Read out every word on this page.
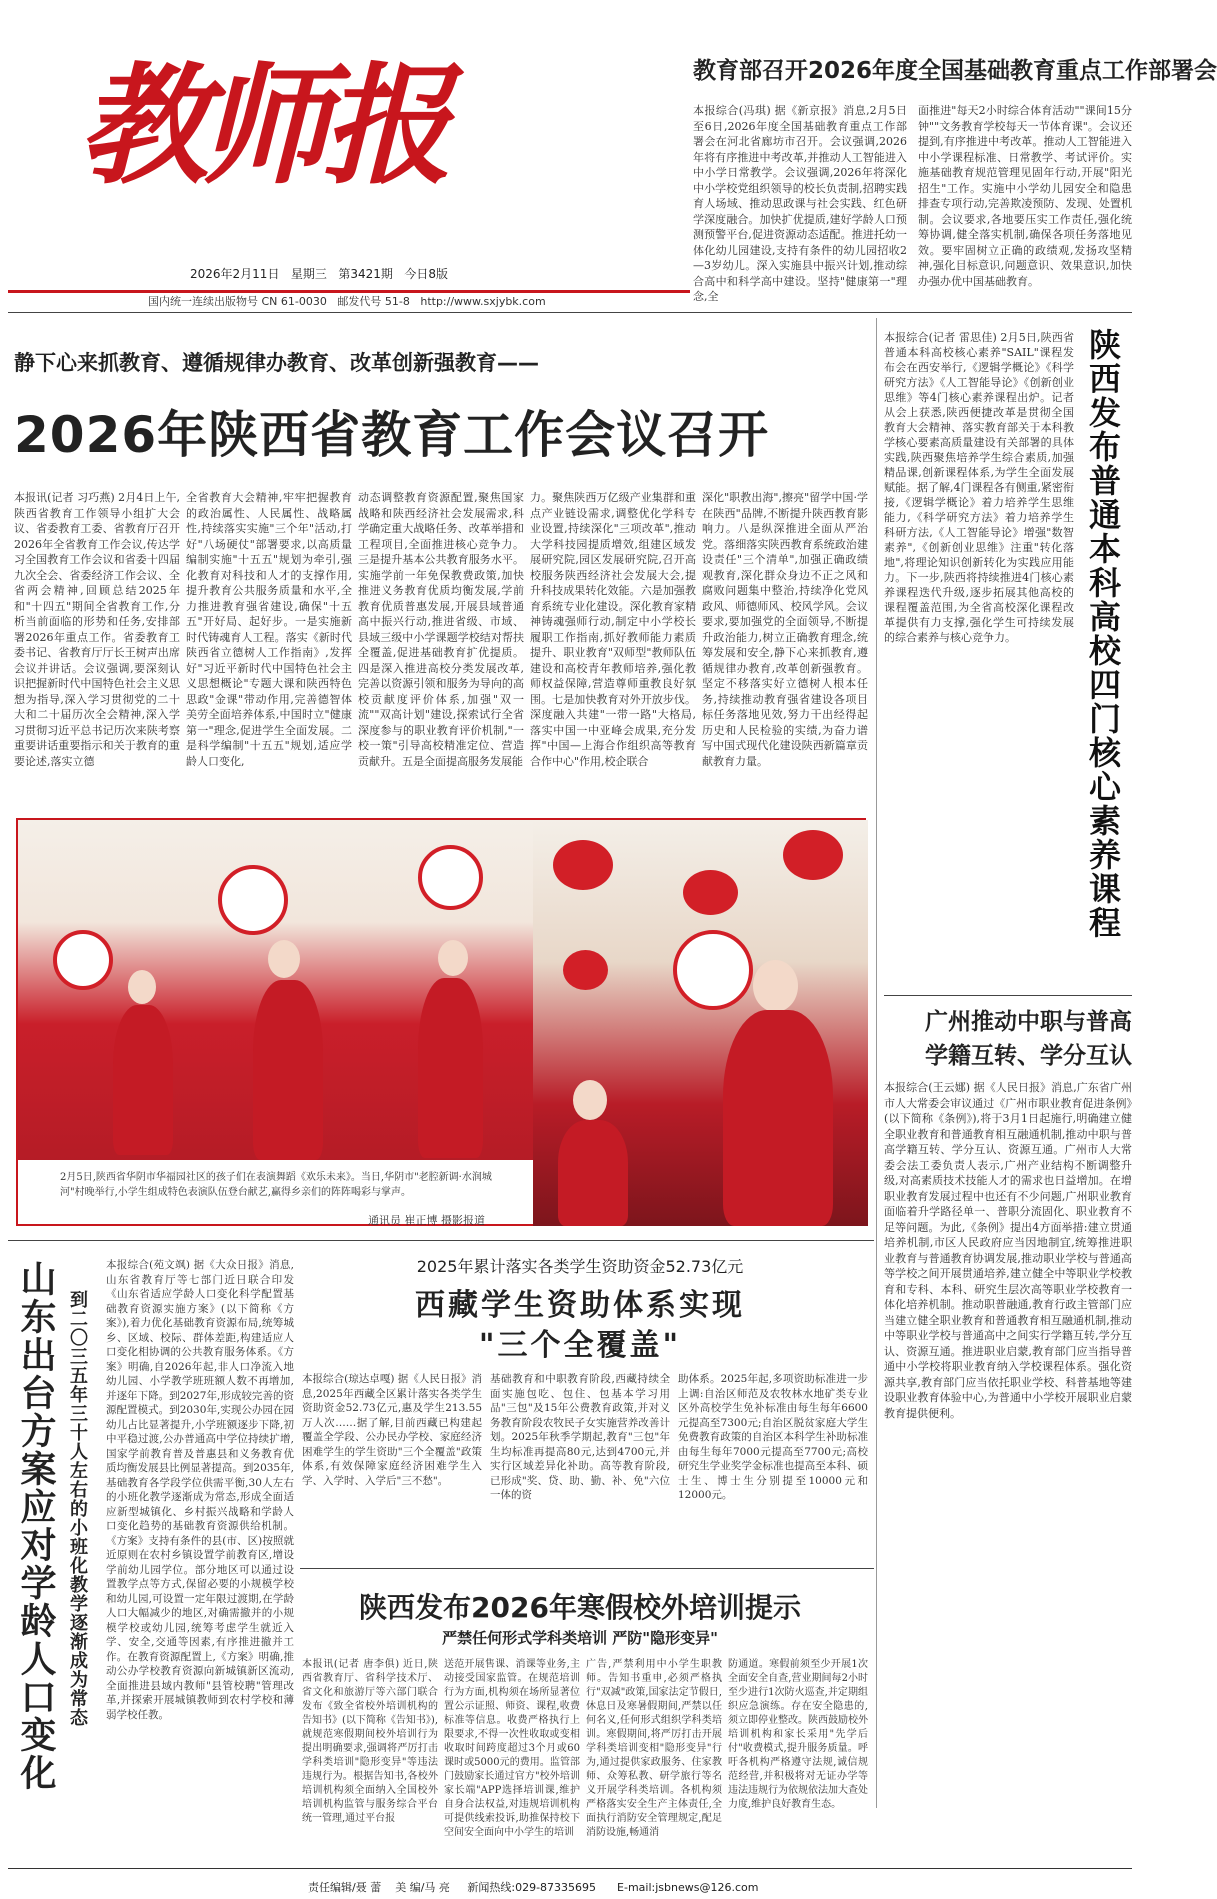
教师报
2026年2月11日 星期三 第3421期 今日8版
国内统一连续出版物号 CN 61-0030 邮发代号 51-8 http://www.sxjybk.com
教育部召开2026年度全国基础教育重点工作部署会
本报综合(冯琪) 据《新京报》消息,2月5日至6日,2026年度全国基础教育重点工作部署会在河北省廊坊市召开。会议强调,2026年将有序推进中考改革,并推动人工智能进入中小学日常教学。会议强调,2026年将深化中小学校党组织领导的校长负责制,招聘实践育人场域、推动思政课与社会实践、红色研学深度融合。加快扩优提质,建好学龄人口预测预警平台,促进资源动态适配。推进托幼一体化幼儿园建设,支持有条件的幼儿园招收2—3岁幼儿。深入实施县中振兴计划,推动综合高中和科学高中建设。坚持"健康第一"理念,全
面推进"每天2小时综合体育活动""课间15分钟""文务教育学校每天一节体育课"。会议还提到,有序推进中考改革。推动人工智能进入中小学课程标准、日常教学、考试评价。实施基础教育规范管理见固年行动,开展"阳光招生"工作。实施中小学幼儿园安全和隐患排查专项行动,完善欺凌预防、发现、处置机制。会议要求,各地要压实工作责任,强化统筹协调,健全落实机制,确保各项任务落地见效。要牢固树立正确的政绩观,发扬攻坚精神,强化目标意识,问题意识、效果意识,加快办强办优中国基础教育。
静下心来抓教育、遵循规律办教育、改革创新强教育——
2026年陕西省教育工作会议召开
本报讯(记者 习巧燕) 2月4日上午,陕西省教育工作领导小组扩大会议、省委教育工委、省教育厅召开2026年全省教育工作会议,传达学习全国教育工作会议和省委十四届九次全会、省委经济工作会议、全省两会精神,回顾总结2025年和"十四五"期间全省教育工作,分析当前面临的形势和任务,安排部署2026年重点工作。省委教育工委书记、省教育厅厅长王树声出席会议并讲话。会议强调,要深刻认识把握新时代中国特色社会主义思想为指导,深入学习贯彻党的二十大和二十届历次全会精神,深入学习贯彻习近平总书记历次来陕考察重要讲话重要指示和关于教育的重要论述,落实立德
全省教育大会精神,牢牢把握教育的政治属性、人民属性、战略属性,持续落实实施"三个年"活动,打好"八场硬仗"部署要求,以高质量编制实施"十五五"规划为牵引,强化教育对科技和人才的支撑作用,提升教育公共服务质量和水平,全力推进教育强省建设,确保"十五五"开好局、起好步。一是实施新时代铸魂育人工程。落实《新时代陕西省立德树人工作指南》,发挥好"习近平新时代中国特色社会主义思想概论"专题大课和陕西特色思政"金课"带动作用,完善德智体美劳全面培养体系,中国时立"健康第一"理念,促进学生全面发展。二是科学编制"十五五"规划,适应学龄人口变化,
动态调整教育资源配置,聚焦国家战略和陕西经济社会发展需求,科学确定重大战略任务、改革举措和工程项目,全面推进核心竞争力。三是提升基本公共教育服务水平。实施学前一年免保教费政策,加快推进义务教育优质均衡发展,学前教育优质普惠发展,开展县域普通高中振兴行动,推进省级、市域、县域三级中小学课题学校结对帮扶全覆盖,促进基础教育扩优提质。四是深入推进高校分类发展改革,完善以资源引领和服务为导向的高校贡献度评价体系,加强"双一流""双高计划"建设,探索试行全省深度参与的职业教育评价机制,"一校一策"引导高校精准定位、营造贡献升。五是全面提高服务发展能
力。聚焦陕西万亿级产业集群和重点产业链设需求,调整优化学科专业设置,持续深化"三项改革",推动大学科技园提质增效,组建区域发展研究院,园区发展研究院,召开高校服务陕西经济社会发展大会,提升科技成果转化效能。六是加强教育系统专业化建设。深化教育家精神铸魂强师行动,制定中小学校长履职工作指南,抓好教师能力素质提升、职业教育"双师型"教师队伍建设和高校青年教师培养,强化教师权益保障,营造尊师重教良好氛围。七是加快教育对外开放步伐。深度融入共建"一带一路"大格局,落实中国一中亚峰会成果,充分发挥"中国—上海合作组织高等教育合作中心"作用,校企联合
深化"职教出海",擦亮"留学中国·学在陕西"品牌,不断提升陕西教育影响力。八是纵深推进全面从严治党。落细落实陕西教育系统政治建设责任"三个清单",加强正确政绩观教育,深化群众身边不正之风和腐败问题集中整治,持续净化党风政风、师德师风、校风学风。会议要求,要加强党的全面领导,不断提升政治能力,树立正确教育理念,统筹发展和安全,静下心来抓教育,遵循规律办教育,改革创新强教育。坚定不移落实好立德树人根本任务,持续推动教育强省建设各项目标任务落地见效,努力干出经得起历史和人民检验的实绩,为奋力谱写中国式现代化建设陕西新篇章贡献教育力量。
2月5日,陕西省华阴市华福园社区的孩子们在表演舞蹈《欢乐未来》。当日,华阴市"老腔新调·水润城河"村晚举行,小学生组成特色表演队伍登台献艺,赢得乡亲们的阵阵喝彩与掌声。
通讯员 崔正博 摄影报道
本报综合(记者 雷思佳) 2月5日,陕西省普通本科高校核心素养"SAIL"课程发布会在西安举行,《逻辑学概论》《科学研究方法》《人工智能导论》《创新创业思维》等4门核心素养课程出炉。记者从会上获悉,陕西便捷改革是贯彻全国教育大会精神、落实教育部关于本科教学核心要素高质量建设有关部署的具体实践,陕西聚焦培养学生综合素质,加强精品课,创新课程体系,为学生全面发展赋能。据了解,4门课程各有侧重,紧密衔接,《逻辑学概论》着力培养学生思维能力,《科学研究方法》着力培养学生科研方法,《人工智能导论》增强"数智素养",《创新创业思维》注重"转化落地",将理论知识创新转化为实践应用能力。下一步,陕西将持续推进4门核心素养课程迭代升级,逐步拓展其他高校的课程覆盖范围,为全省高校深化课程改革提供有力支撑,强化学生可持续发展的综合素养与核心竞争力。	陕西发布普通本科高校四门核心素养课程
广州推动中职与普高
学籍互转、学分互认
本报综合(王云娜) 据《人民日报》消息,广东省广州市人大常委会审议通过《广州市职业教育促进条例》(以下简称《条例》),将于3月1日起施行,明确建立健全职业教育和普通教育相互融通机制,推动中职与普高学籍互转、学分互认、资源互通。广州市人大常委会法工委负责人表示,广州产业结构不断调整升级,对高素质技术技能人才的需求也日益增加。在增职业教育发展过程中也还有不少问题,广州职业教育面临着升学路径单一、普职分流固化、职业教育不足等问题。为此,《条例》提出4方面举措:建立贯通培养机制,市区人民政府应当因地制宜,统筹推进职业教育与普通教育协调发展,推动职业学校与普通高等学校之间开展贯通培养,建立健全中等职业学校教育和专科、本科、研究生层次高等职业学校教育一体化培养机制。推动职普融通,教育行政主管部门应当建立健全职业教育和普通教育相互融通机制,推动中等职业学校与普通高中之间实行学籍互转,学分互认、资源互通。推进职业启蒙,教育部门应当指导普通中小学校将职业教育纳入学校课程体系。强化资源共享,教育部门应当依托职业学校、科普基地等建设职业教育体验中心,为普通中小学校开展职业启蒙教育提供便利。
山东出台方案应对学龄人口变化 到二〇三五年三十人左右的小班化教学逐渐成为常态
本报综合(苑文飒) 据《大众日报》消息,山东省教育厅等七部门近日联合印发《山东省适应学龄人口变化科学配置基础教育资源实施方案》(以下简称《方案》),着力优化基础教育资源布局,统筹城乡、区域、校际、群体差距,构建适应人口变化相协调的公共教育服务体系。《方案》明确,自2026年起,非人口净流入地幼儿园、小学教学班班额人数不再增加,并逐年下降。到2027年,形成较完善的资源配置模式。到2030年,实现公办园在园幼儿占比显著提升,小学班额逐步下降,初中平稳过渡,公办普通高中学位持续扩增,国家学前教育普及普惠县和义务教育优质均衡发展县比例显著提高。到2035年,基础教育各学段学位供需平衡,30人左右的小班化教学逐渐成为常态,形成全面适应新型城镇化、乡村振兴战略和学龄人口变化趋势的基础教育资源供给机制。《方案》支持有条件的县(市、区)按照就近原则在农村乡镇设置学前教育区,增设学前幼儿园学位。部分地区可以通过设置教学点等方式,保留必要的小规模学校和幼儿园,可设置一定年限过渡期,在学龄人口大幅减少的地区,对确需撤并的小规模学校或幼儿园,统筹考虑学生就近入学、安全,交通等因素,有序推进撤并工作。在教育资源配置上,《方案》明确,推动公办学校教育资源向新城镇新区流动,全面推进县域内教师"县管校聘"管理改革,并探索开展城镇教师到农村学校和薄弱学校任教。
2025年累计落实各类学生资助资金52.73亿元
西藏学生资助体系实现
"三个全覆盖"
本报综合(琼达卓嘎) 据《人民日报》消息,2025年西藏全区累计落实各类学生资助资金52.73亿元,惠及学生213.55万人次……据了解,目前西藏已构建起覆盖全学段、公办民办学校、家庭经济困难学生的学生资助"三个全覆盖"政策体系,有效保障家庭经济困难学生入学、入学时、入学后"三不愁"。
基础教育和中职教育阶段,西藏持续全面实施包吃、包住、包基本学习用品"三包"及15年公费教育政策,并对义务教育阶段农牧民子女实施营养改善计划。2025年秋季学期起,教育"三包"年生均标准再提高80元,达到4700元,并实行区域差异化补助。高等教育阶段,已形成"奖、贷、助、勤、补、免"六位一体的资
助体系。2025年起,多项资助标准进一步上调:自治区师范及农牧林水地矿类专业区外高校学生免补标准由每生每年6600元提高至7300元;自治区脱贫家庭大学生免费教育政策的自治区本科学生补助标准由每生每年7000元提高至7700元;高校研究生学业奖学金标准也提高至本科、硕士生、博士生分别提至10000元和12000元。
陕西发布2026年寒假校外培训提示
严禁任何形式学科类培训 严防"隐形变异"
本报讯(记者 唐李俱) 近日,陕西省教育厅、省科学技术厅、省文化和旅游厅等六部门联合发布《致全省校外培训机构的告知书》(以下简称《告知书》),就规范寒假期间校外培训行为提出明确要求,强调将严厉打击学科类培训"隐形变异"等违法违规行为。根据告知书,各校外培训机构须全面纳入全国校外培训机构监管与服务综合平台统一管理,通过平台报
送范开展售课、消课等业务,主动接受国家监管。在规范培训行为方面,机构须在场所显著位置公示证照、师资、课程,收费标准等信息。收费严格执行上限要求,不得一次性收取或变相收取时间跨度超过3个月或60课时或5000元的费用。监管部门鼓励家长通过官方"校外培训家长端"APP选择培训课,维护自身合法权益,对违规培训机构可提供线索投诉,助推保持校下空间安全面向中小学生的培训
广告,严禁利用中小学生职教师。告知书重申,必须严格执行"双减"政策,国家法定节假日,休息日及寒暑假期间,严禁以任何名义,任何形式组织学科类培训。寒假期间,将严厉打击开展学科类培训变相"隐形变异"行为,通过提供家政服务、住家教师、众筹私教、研学旅行等名义开展学科类培训。各机构须严格落实安全生产主体责任,全面执行消防安全管理规定,配足消防设施,畅通消
防通道。寒假前须至少开展1次全面安全自查,营业期间每2小时至少进行1次防火巡查,并定期组织应急演练。存在安全隐患的,须立即停业整改。陕西鼓励校外培训机构和家长采用"先学后付"收费模式,提升服务质量。呼吁各机构严格遵守法规,诚信规范经营,并积极将对无证办学等违法违规行为依规依法加大查处力度,维护良好教育生态。
责任编辑/聂 蕾 美 编/马 亮 新闻热线:029-87335695 E-mail:jsbnews@126.com
